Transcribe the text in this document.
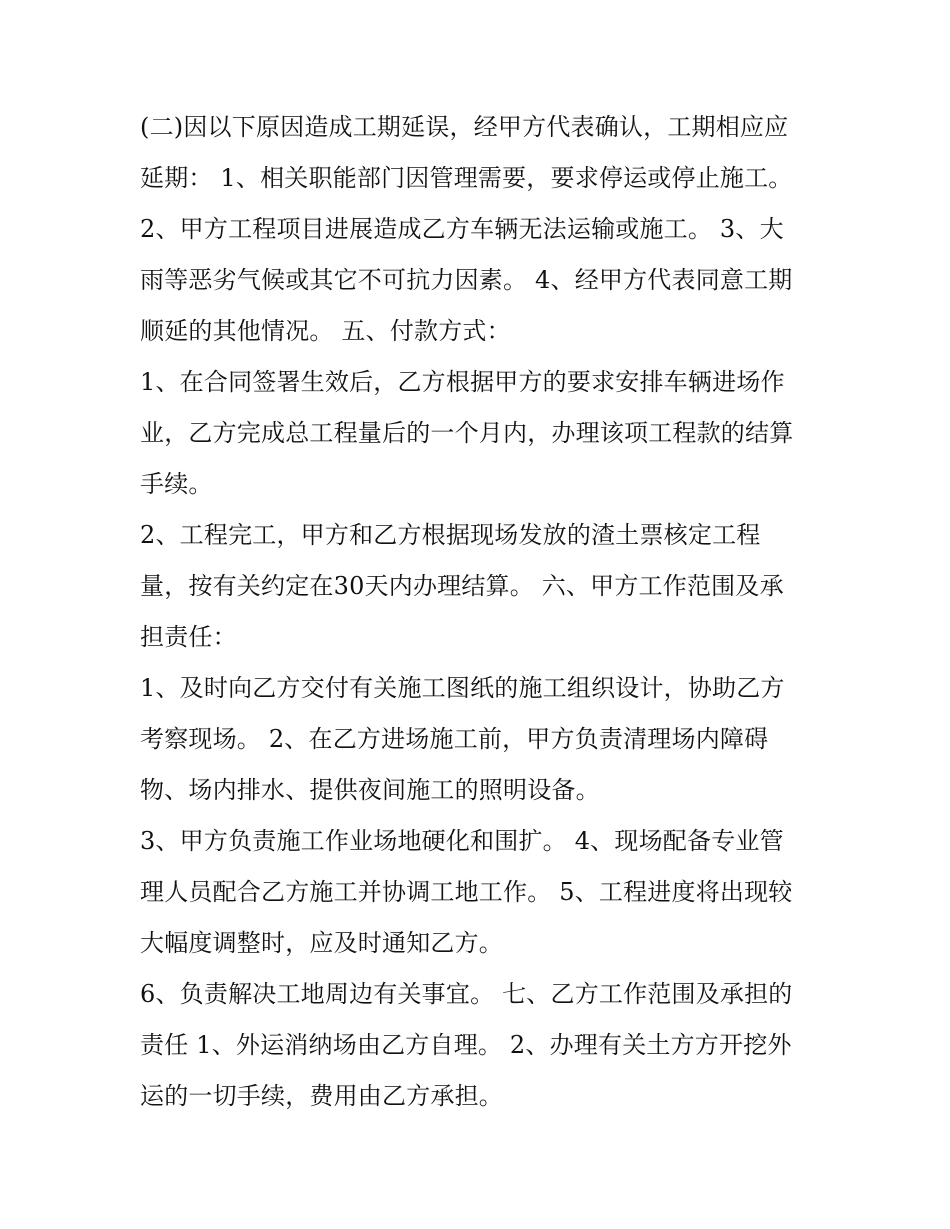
(二)因以下原因造成工期延误，经甲方代表确认，工期相应应
延期： 1、相关职能部门因管理需要，要求停运或停止施工。
2、甲方工程项目进展造成乙方车辆无法运输或施工。 3、大
雨等恶劣气候或其它不可抗力因素。 4、经甲方代表同意工期
顺延的其他情况。 五、付款方式：

1、在合同签署生效后，乙方根据甲方的要求安排车辆进场作
业，乙方完成总工程量后的一个月内，办理该项工程款的结算
手续。

2、工程完工，甲方和乙方根据现场发放的渣土票核定工程
量，按有关约定在30天内办理结算。 六、甲方工作范围及承
担责任：

1、及时向乙方交付有关施工图纸的施工组织设计，协助乙方
考察现场。 2、在乙方进场施工前，甲方负责清理场内障碍
物、场内排水、提供夜间施工的照明设备。

3、甲方负责施工作业场地硬化和围扩。 4、现场配备专业管
理人员配合乙方施工并协调工地工作。 5、工程进度将出现较
大幅度调整时，应及时通知乙方。

6、负责解决工地周边有关事宜。 七、乙方工作范围及承担的
责任 1、外运消纳场由乙方自理。 2、办理有关土方方开挖外
运的一切手续，费用由乙方承担。
